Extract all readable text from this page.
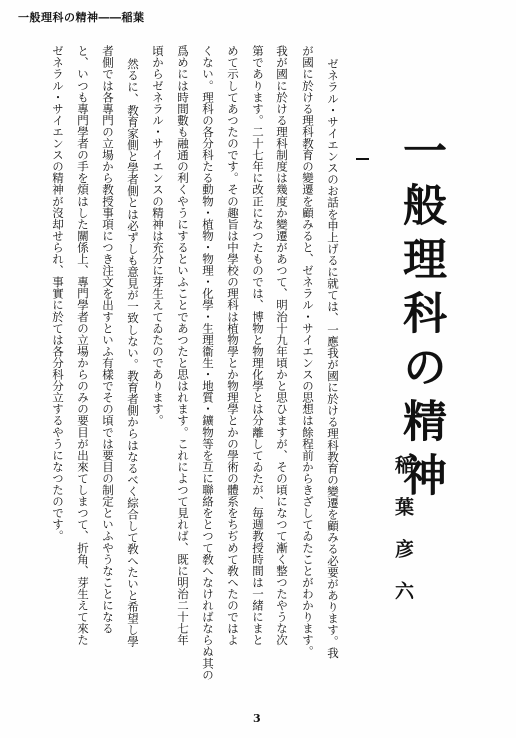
一般理科の精神――稲葉
一般理科の精神
稲葉彦六
ゼネラル・サイエンスのお話を申上げるに就ては、一應我が國に於ける理科教育の變遷を顧みる必要があります。我
が國に於ける理科教育の變遷を顧みると、ゼネラル・サイエンスの思想は餘程前からきざしてゐたことがわかります。
我が國に於ける理科制度は幾度か變遷があつて、明治十九年頃かと思ひますが、その頃になつて漸く整つたやうな次
第であります。二十七年に改正になつたものでは、博物と物理化學とは分離してゐたが、毎週教授時間は一緒にまと
めて示してあつたのです。その趣旨は中學校の理科は植物學とか物理學とかの學術の體系をちぢめて敎へたのではよ
くない。理科の各分科たる動物・植物・物理・化學・生理衞生・地質・鑛物等を互に聯絡をとつて敎へなければならぬ其の
爲めには時間數も融通の利くやうにするといふことであつたと思はれます。これによつて見れば、既に明治二十七年
頃からゼネラル・サイエンスの精神は充分に芽生えてゐたのであります。
然るに、教育家側と學者側とは必ずしも意見が一致しない。教育者側からはなるべく綜合して敎へたいと希望し學
者側では各專門の立場から教授事項につき注文を出すといふ有樣でその頃では要目の制定といふやうなことになる
と、いつも專門學者の手を煩はした關係上、專門學者の立場からのみの要目が出來てしまつて、折角、芽生えて來た
ゼネラル・サイエンスの精神が沒却せられ、事實に於ては各分科分立するやうになつたのです。
3
